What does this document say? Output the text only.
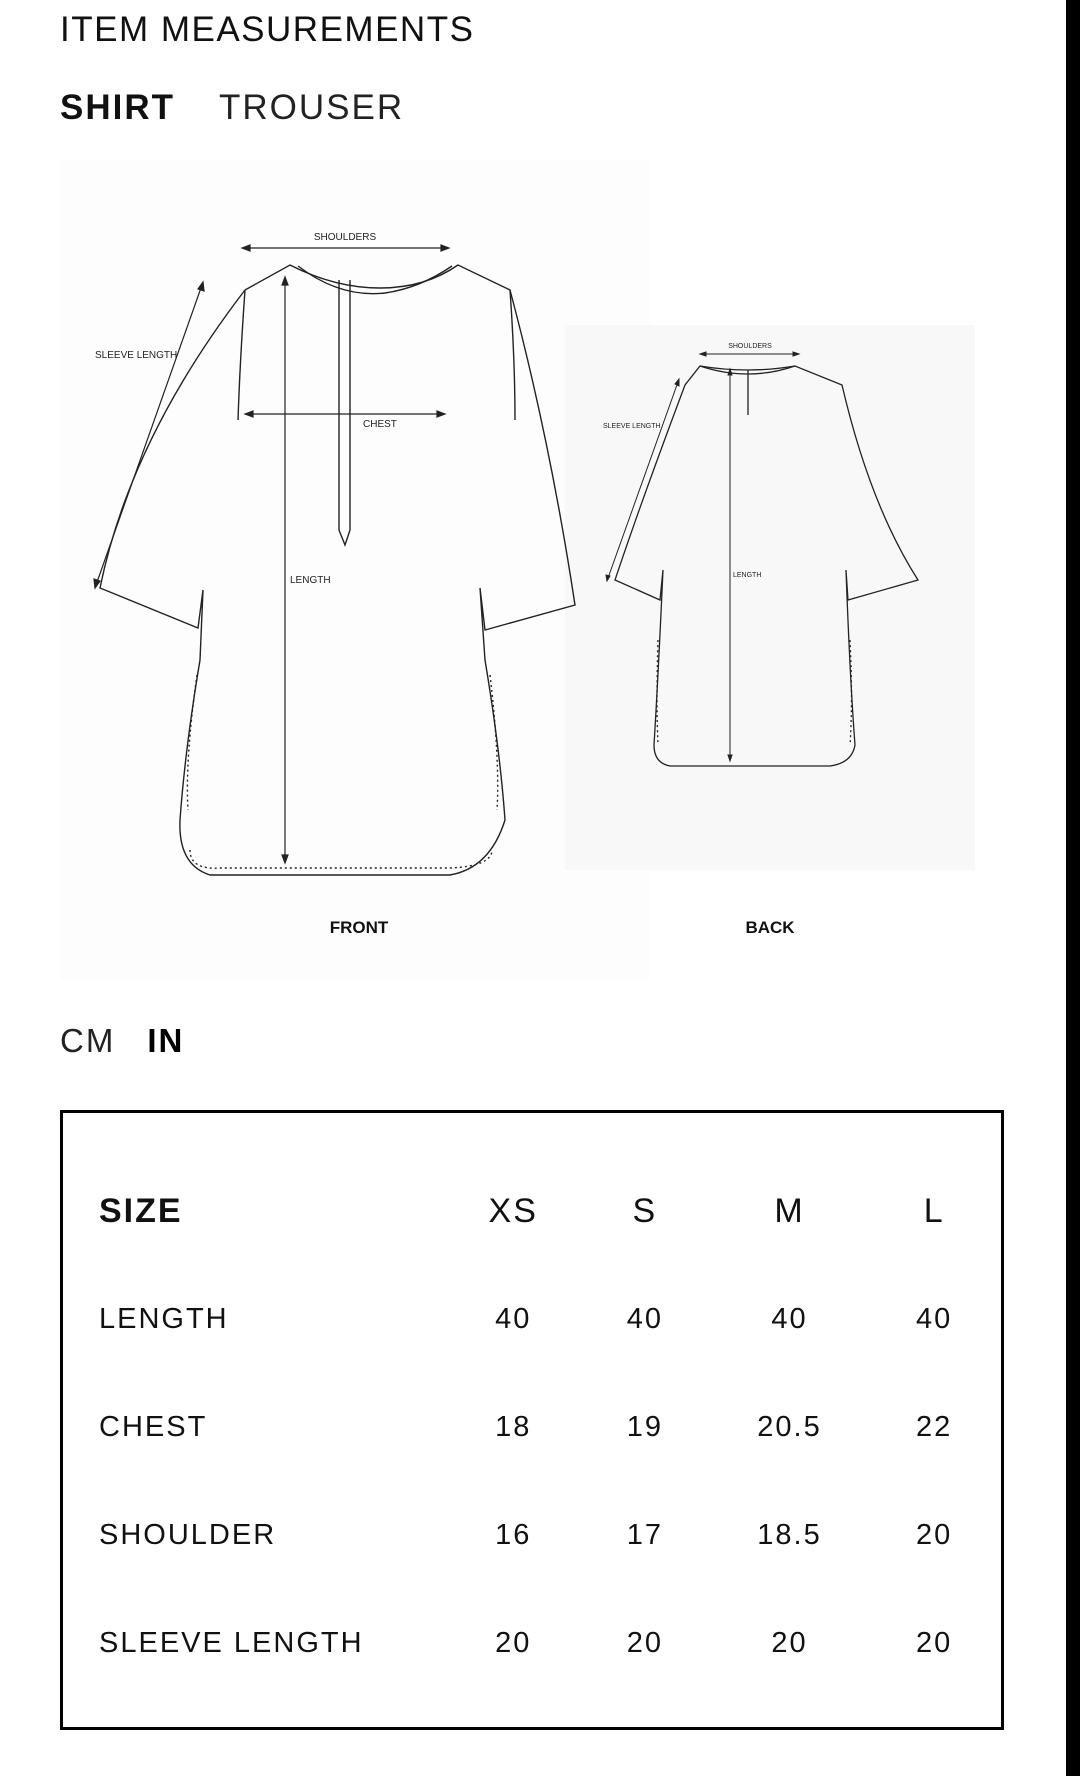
ITEM MEASUREMENTS
SHIRT TROUSER
SHOULDERS
CHEST
LENGTH
SLEEVE LENGTH
FRONT
SHOULDERS
LENGTH
SLEEVE LENGTH
BACK
CM IN
SIZE	XS	S	M	L
LENGTH	40	40	40	40
CHEST	18	19	20.5	22
SHOULDER	16	17	18.5	20
SLEEVE LENGTH	20	20	20	20
